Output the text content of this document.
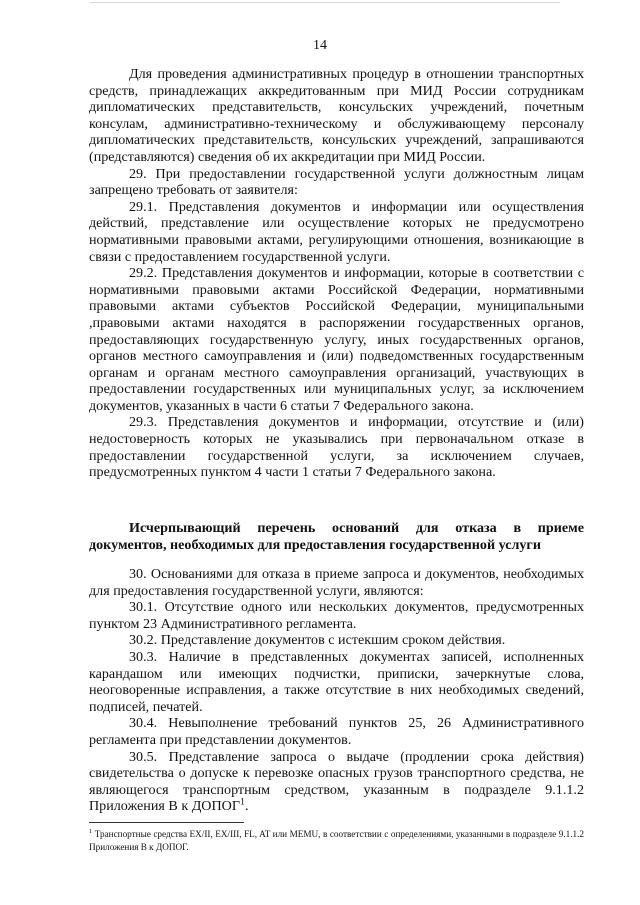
14

Для проведения административных процедур в отношении транспортных средств, принадлежащих аккредитованным при МИД России сотрудникам дипломатических представительств, консульских учреждений, почетным консулам, административно-техническому и обслуживающему персоналу дипломатических представительств, консульских учреждений, запрашиваются (представляются) сведения об их аккредитации при МИД России.

29. При предоставлении государственной услуги должностным лицам запрещено требовать от заявителя:

29.1. Представления документов и информации или осуществления действий, представление или осуществление которых не предусмотрено нормативными правовыми актами, регулирующими отношения, возникающие в связи с предоставлением государственной услуги.

29.2. Представления документов и информации, которые в соответствии с нормативными правовыми актами Российской Федерации, нормативными правовыми актами субъектов Российской Федерации, муниципальными ,правовыми актами находятся в распоряжении государственных органов, предоставляющих государственную услугу, иных государственных органов, органов местного самоуправления и (или) подведомственных государственным органам и органам местного самоуправления организаций, участвующих в предоставлении государственных или муниципальных услуг, за исключением документов, указанных в части 6 статьи 7 Федерального закона.

29.3. Представления документов и информации, отсутствие и (или) недостоверность которых не указывались при первоначальном отказе в предоставлении государственной услуги, за исключением случаев, предусмотренных пунктом 4 части 1 статьи 7 Федерального закона.

Исчерпывающий перечень оснований для отказа в приеме документов, необходимых для предоставления государственной услуги

30. Основаниями для отказа в приеме запроса и документов, необходимых для предоставления государственной услуги, являются:

30.1. Отсутствие одного или нескольких документов, предусмотренных пунктом 23 Административного регламента.

30.2. Представление документов с истекшим сроком действия.

30.3. Наличие в представленных документах записей, исполненных карандашом или имеющих подчистки, приписки, зачеркнутые слова, неоговоренные исправления, а также отсутствие в них необходимых сведений, подписей, печатей.

30.4. Невыполнение требований пунктов 25, 26 Административного регламента при представлении документов.

30.5. Представление запроса о выдаче (продлении срока действия) свидетельства о допуске к перевозке опасных грузов транспортного средства, не являющегося транспортным средством, указанным в подразделе 9.1.1.2 Приложения В к ДОПОГ$^1$.

$^1$ Транспортные средства EX/II, EX/III, FL, AT или MEMU, в соответствии с определениями, указанными в подразделе 9.1.1.2 Приложения В к ДОПОГ.
